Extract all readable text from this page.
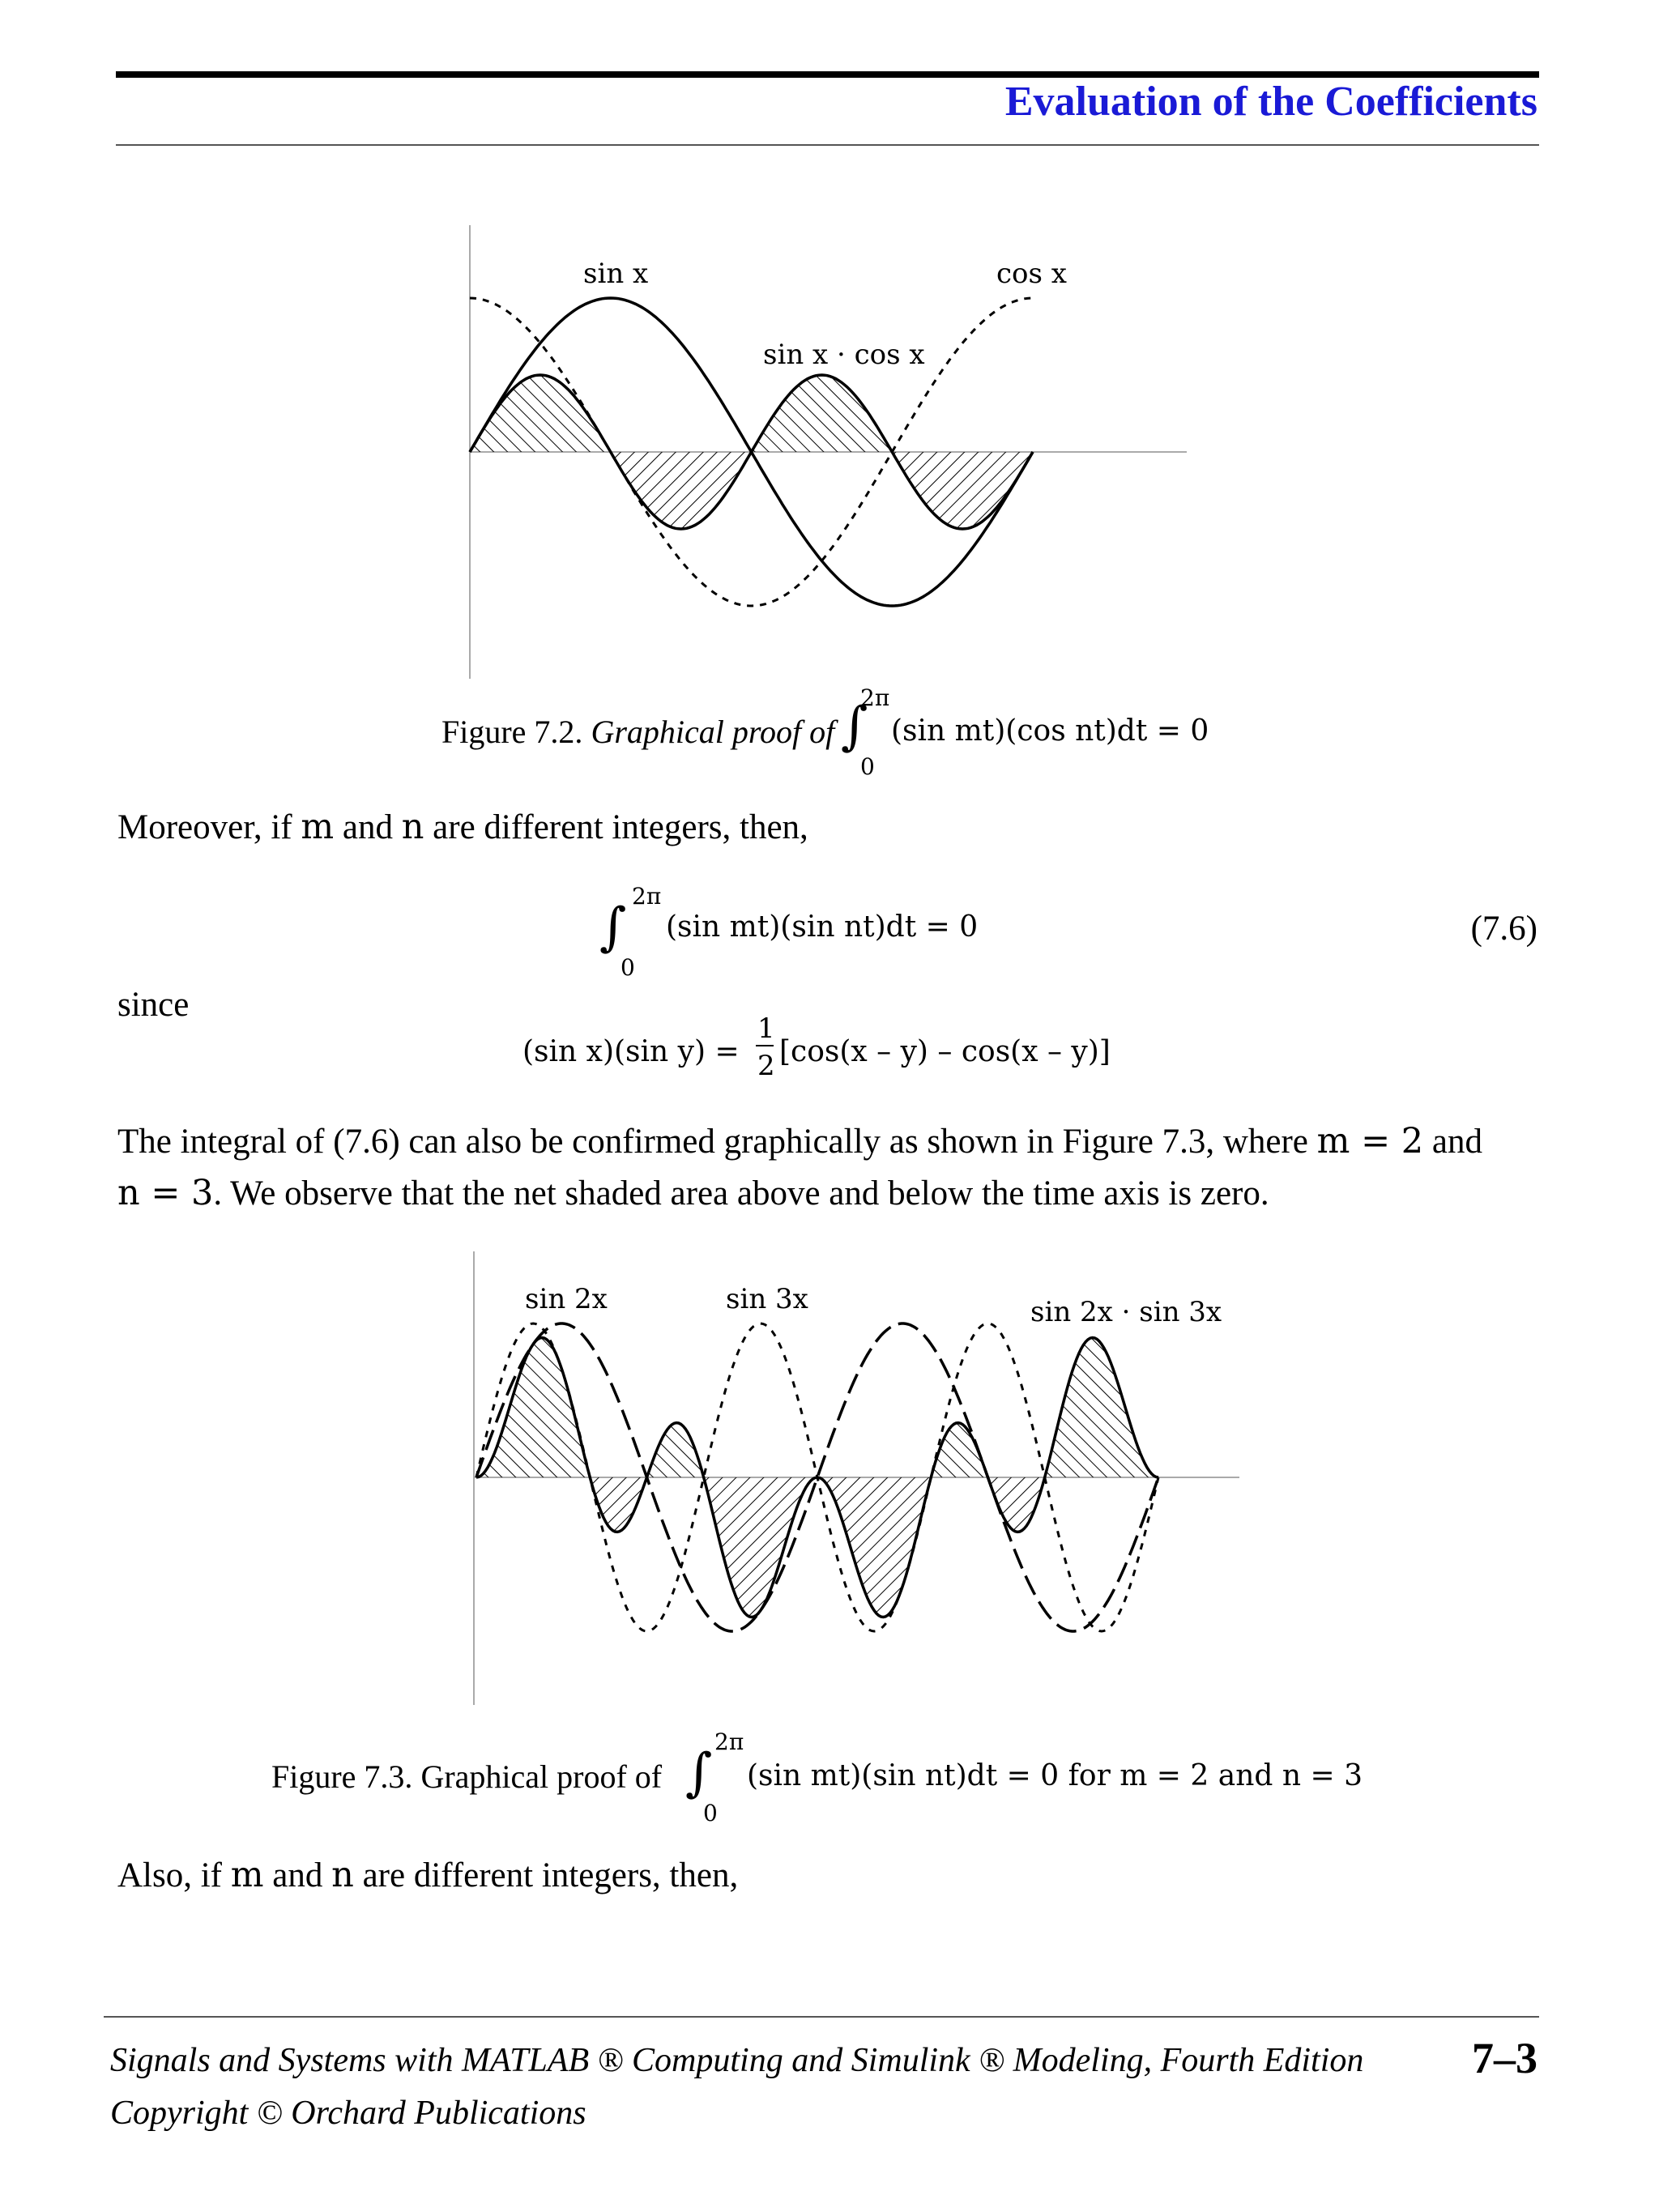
Evaluation of the Coefficients
sin x	cos x
sin x · cos x
Figure 7.2. Graphical proof of ∫
2π
0
(sin mt)(cos nt)dt = 0
Moreover, if m and n are different integers, then,
∫
2π
0
(sin mt)(sin nt)dt = 0	(7.6)
since
(sin x)(sin y) =
1
2 [cos(x – y) – cos(x – y)]
The integral of (7.6) can also be confirmed graphically as shown in Figure 7.3, where m = 2 and
n = 3. We observe that the net shaded area above and below the time axis is zero.
sin 2x	sin 3x	sin 2x · sin 3x
Figure 7.3. Graphical proof of ∫
2π
0
(sin mt)(sin nt)dt = 0 for m = 2 and n = 3
Also, if m and n are different integers, then,
Signals and Systems with MATLAB ® Computing and Simulink ® Modeling, Fourth Edition
Copyright © Orchard Publications
7–3
